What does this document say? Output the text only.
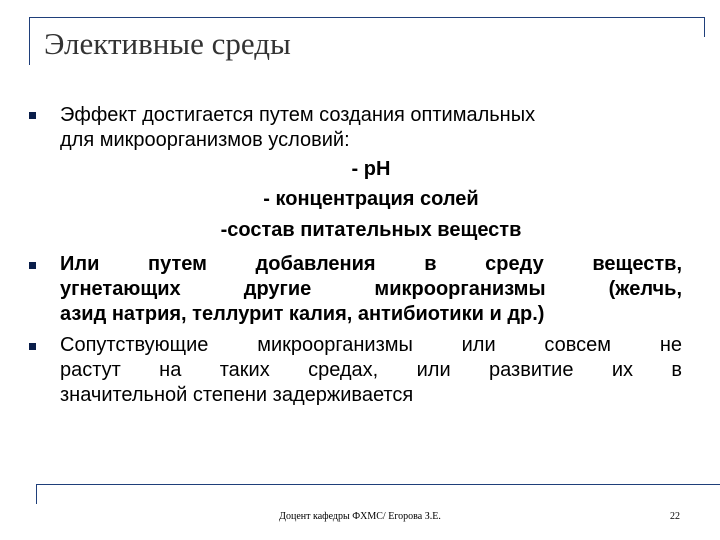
Элективные среды
Эффект достигается путем создания оптимальных
для микроорганизмов условий:
- рН
- концентрация солей
-состав питательных веществ
Или путем добавления в среду веществ,
угнетающих другие микроорганизмы (желчь,
азид натрия, теллурит калия, антибиотики и др.)
Сопутствующие микроорганизмы или совсем не
растут на таких средах, или развитие их в
значительной степени задерживается
Доцент кафедры ФХМС/ Егорова З.Е.	22
